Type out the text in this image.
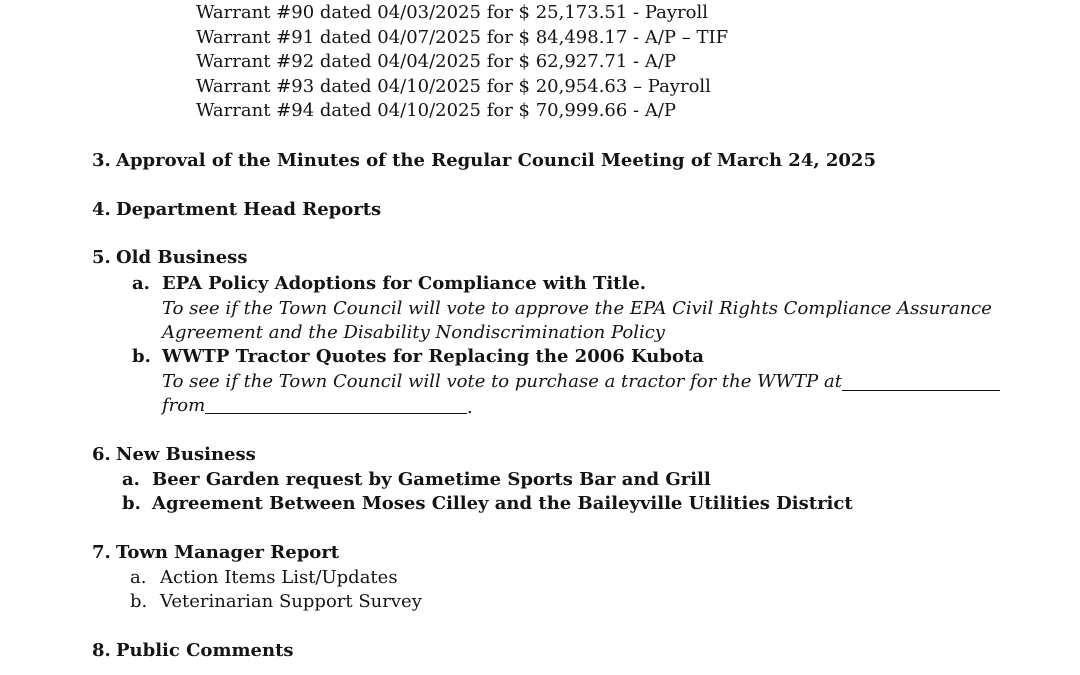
Warrant #90 dated 04/03/2025 for $ 25,173.51 - Payroll
Warrant #91 dated 04/07/2025 for $ 84,498.17 - A/P – TIF
Warrant #92 dated 04/04/2025 for $ 62,927.71 - A/P
Warrant #93 dated 04/10/2025 for $ 20,954.63 – Payroll
Warrant #94 dated 04/10/2025 for $ 70,999.66 - A/P
3. Approval of the Minutes of the Regular Council Meeting of March 24, 2025
4. Department Head Reports
5. Old Business
a. EPA Policy Adoptions for Compliance with Title.
To see if the Town Council will vote to approve the EPA Civil Rights Compliance Assurance
Agreement and the Disability Nondiscrimination Policy
b. WWTP Tractor Quotes for Replacing the 2006 Kubota
To see if the Town Council will vote to purchase a tractor for the WWTP at
from	.
6. New Business
a. Beer Garden request by Gametime Sports Bar and Grill
b. Agreement Between Moses Cilley and the Baileyville Utilities District
7. Town Manager Report
a. Action Items List/Updates
b. Veterinarian Support Survey
8. Public Comments
